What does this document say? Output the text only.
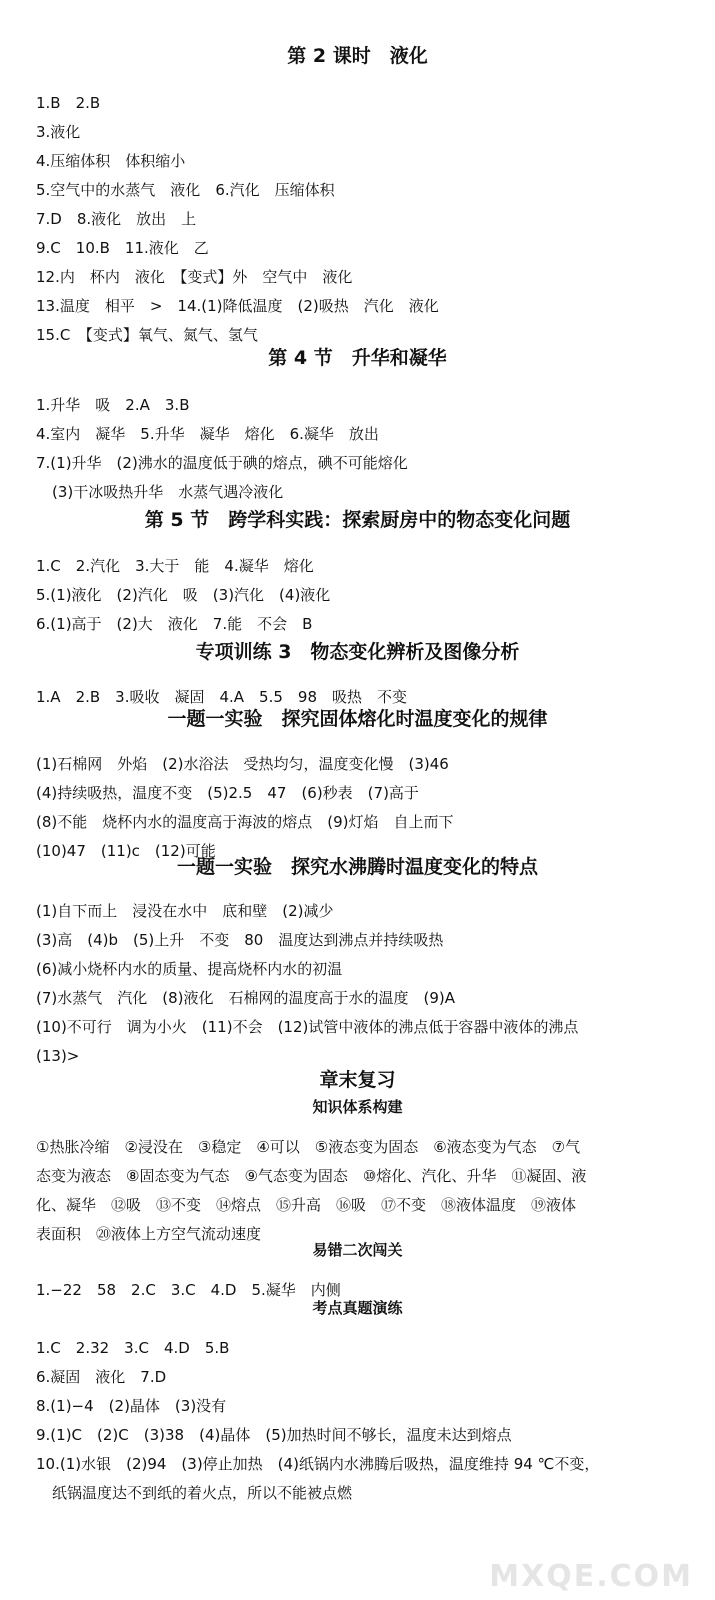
第 2 课时　液化
1.B　2.B
3.液化
4.压缩体积　体积缩小
5.空气中的水蒸气　液化　6.汽化　压缩体积
7.D　8.液化　放出　上
9.C　10.B　11.液化　乙
12.内　杯内　液化　【变式】外　空气中　液化
13.温度　相平　>　14.(1)降低温度　(2)吸热　汽化　液化
15.C　【变式】氧气、氮气、氢气
第 4 节　升华和凝华
1.升华　吸　2.A　3.B
4.室内　凝华　5.升华　凝华　熔化　6.凝华　放出
7.(1)升华　(2)沸水的温度低于碘的熔点，碘不可能熔化
(3)干冰吸热升华　水蒸气遇冷液化
第 5 节　跨学科实践：探索厨房中的物态变化问题
1.C　2.汽化　3.大于　能　4.凝华　熔化
5.(1)液化　(2)汽化　吸　(3)汽化　(4)液化
6.(1)高于　(2)大　液化　7.能　不会　B
专项训练 3　物态变化辨析及图像分析
1.A　2.B　3.吸收　凝固　4.A　5.5　98　吸热　不变
一题一实验　探究固体熔化时温度变化的规律
(1)石棉网　外焰　(2)水浴法　受热均匀，温度变化慢　(3)46
(4)持续吸热，温度不变　(5)2.5　47　(6)秒表　(7)高于
(8)不能　烧杯内水的温度高于海波的熔点　(9)灯焰　自上而下
(10)47　(11)c　(12)可能
一题一实验　探究水沸腾时温度变化的特点
(1)自下而上　浸没在水中　底和壁　(2)减少
(3)高　(4)b　(5)上升　不变　80　温度达到沸点并持续吸热
(6)减小烧杯内水的质量、提高烧杯内水的初温
(7)水蒸气　汽化　(8)液化　石棉网的温度高于水的温度　(9)A
(10)不可行　调为小火　(11)不会　(12)试管中液体的沸点低于容器中液体的沸点
(13)>
章末复习
知识体系构建
①热胀冷缩　②浸没在　③稳定　④可以　⑤液态变为固态　⑥液态变为气态　⑦气
态变为液态　⑧固态变为气态　⑨气态变为固态　⑩熔化、汽化、升华　⑪凝固、液
化、凝华　⑫吸　⑬不变　⑭熔点　⑮升高　⑯吸　⑰不变　⑱液体温度　⑲液体
表面积　⑳液体上方空气流动速度
易错二次闯关
1.−22　58　2.C　3.C　4.D　5.凝华　内侧
考点真题演练
1.C　2.32　3.C　4.D　5.B
6.凝固　液化　7.D
8.(1)−4　(2)晶体　(3)没有
9.(1)C　(2)C　(3)38　(4)晶体　(5)加热时间不够长，温度未达到熔点
10.(1)水银　(2)94　(3)停止加热　(4)纸锅内水沸腾后吸热，温度维持 94 ℃不变，
纸锅温度达不到纸的着火点，所以不能被点燃
MXQE.COM
